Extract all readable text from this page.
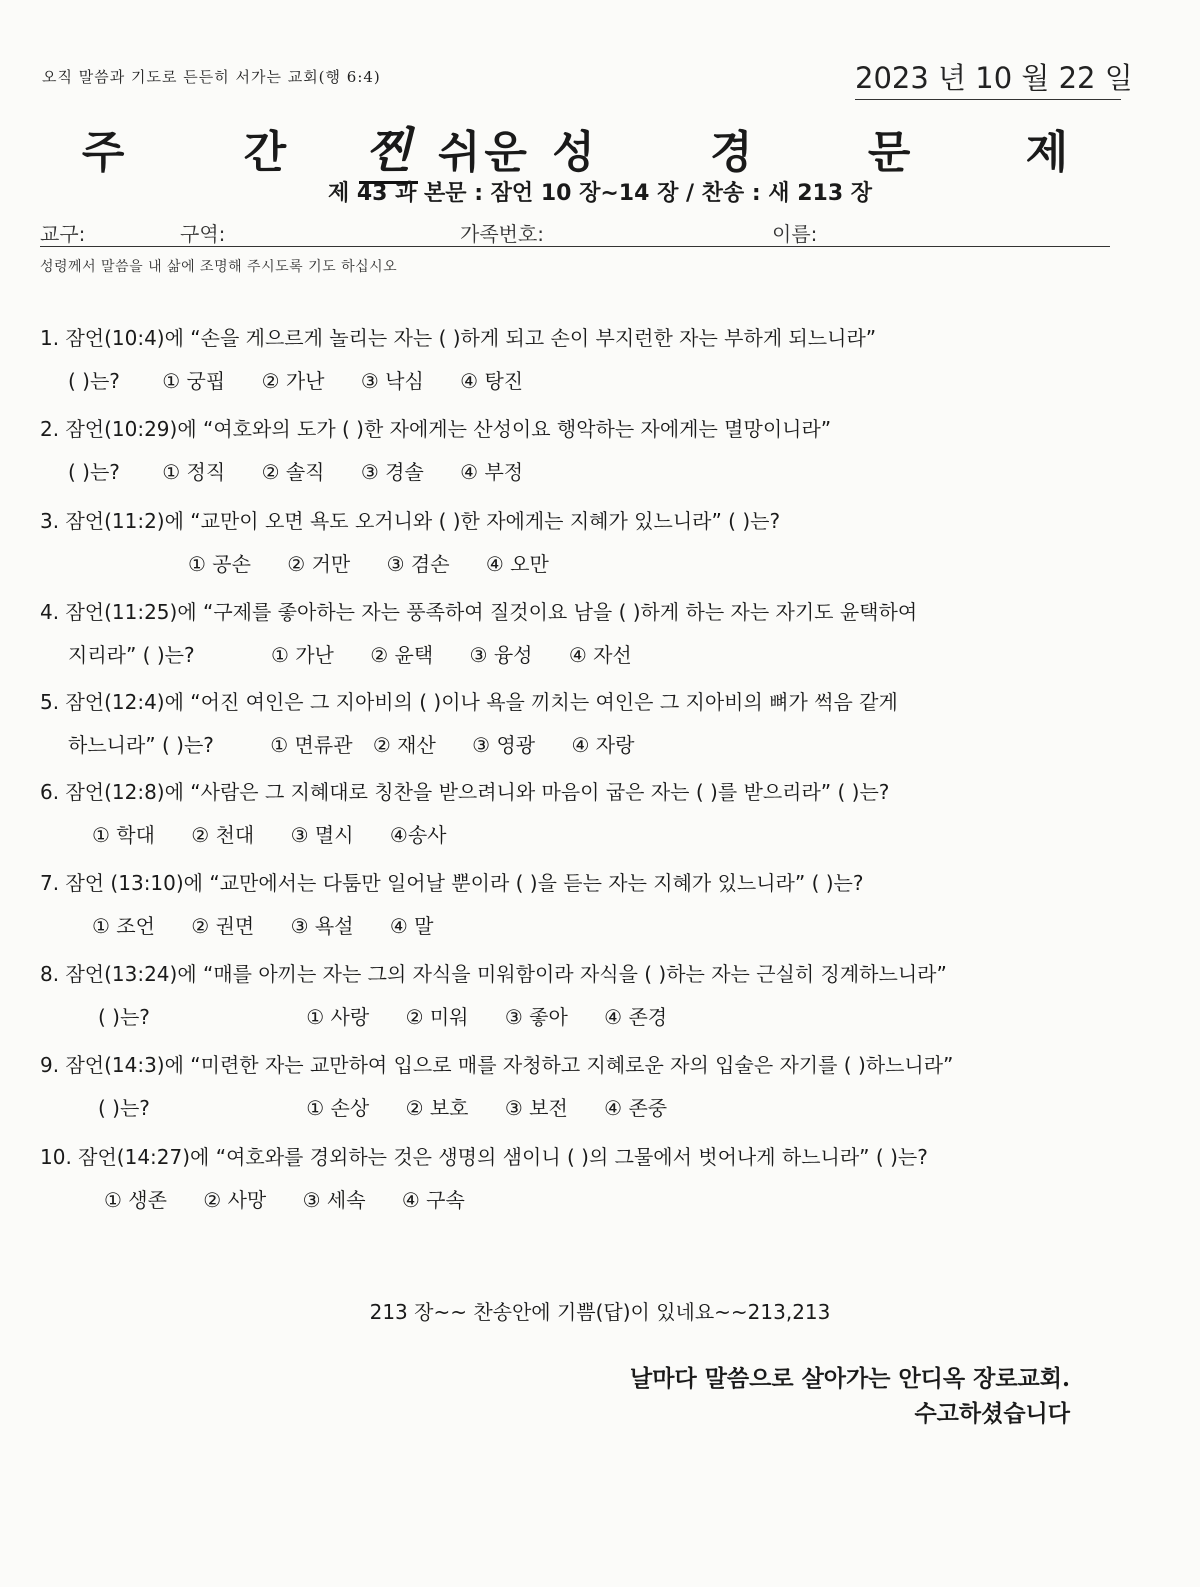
오직 말씀과 기도로 든든히 서가는 교회(행 6:4)	2023 년 10 월 22 일
주 간 찐 쉬운 성 경 문 제
제 43 과 본문 : 잠언 10 장~14 장 / 찬송 : 새 213 장
교구:	구역:	가족번호:	이름:
성령께서 말씀을 내 삶에 조명해 주시도록 기도 하십시오
1. 잠언(10:4)에 “손을 게으르게 놀리는 자는 ( )하게 되고 손이 부지런한 자는 부하게 되느니라”
( )는? ① 궁핍 ② 가난 ③ 낙심 ④ 탕진
2. 잠언(10:29)에 “여호와의 도가 ( )한 자에게는 산성이요 행악하는 자에게는 멸망이니라”
( )는? ① 정직 ② 솔직 ③ 경솔 ④ 부정
3. 잠언(11:2)에 “교만이 오면 욕도 오거니와 ( )한 자에게는 지혜가 있느니라” ( )는?
① 공손 ② 거만 ③ 겸손 ④ 오만
4. 잠언(11:25)에 “구제를 좋아하는 자는 풍족하여 질것이요 남을 ( )하게 하는 자는 자기도 윤택하여
지리라” ( )는?	① 가난 ② 윤택 ③ 융성 ④ 자선
5. 잠언(12:4)에 “어진 여인은 그 지아비의 ( )이나 욕을 끼치는 여인은 그 지아비의 뼈가 썩음 같게
하느니라” ( )는?	① 면류관 ② 재산 ③ 영광 ④ 자랑
6. 잠언(12:8)에 “사람은 그 지혜대로 칭찬을 받으려니와 마음이 굽은 자는 ( )를 받으리라” ( )는?
① 학대 ② 천대 ③ 멸시 ④송사
7. 잠언 (13:10)에 “교만에서는 다툼만 일어날 뿐이라 ( )을 듣는 자는 지혜가 있느니라” ( )는?
① 조언 ② 권면 ③ 욕설 ④ 말
8. 잠언(13:24)에 “매를 아끼는 자는 그의 자식을 미워함이라 자식을 ( )하는 자는 근실히 징계하느니라”
( )는?	① 사랑 ② 미워 ③ 좋아 ④ 존경
9. 잠언(14:3)에 “미련한 자는 교만하여 입으로 매를 자청하고 지혜로운 자의 입술은 자기를 ( )하느니라”
( )는?	① 손상 ② 보호 ③ 보전 ④ 존중
10. 잠언(14:27)에 “여호와를 경외하는 것은 생명의 샘이니 ( )의 그물에서 벗어나게 하느니라” ( )는?
① 생존 ② 사망 ③ 세속 ④ 구속
213 장~~ 찬송안에 기쁨(답)이 있네요~~213,213
날마다 말씀으로 살아가는 안디옥 장로교회.
수고하셨습니다
